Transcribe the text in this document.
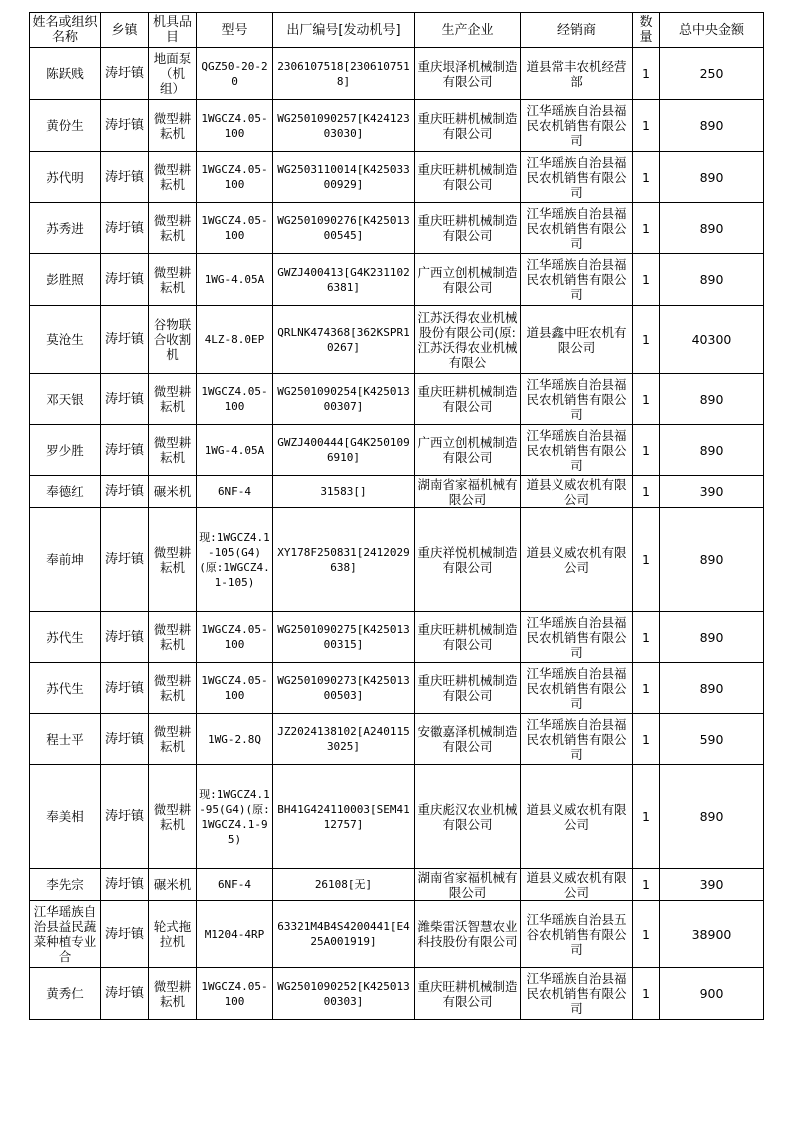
姓名或组织名称	乡镇	机具品目	型号	出厂编号[发动机号]	生产企业	经销商	数量	总中央金额
陈跃贱	涛圩镇	地面泵（机组）	QGZ50-20-20	2306107518[2306107518]	重庆垠泽机械制造有限公司	道县常丰农机经营部	1	250
黄份生	涛圩镇	微型耕耘机	1WGCZ4.05-100	WG2501090257[K42412303030]	重庆旺耕机械制造有限公司	江华瑶族自治县福民农机销售有限公司	1	890
苏代明	涛圩镇	微型耕耘机	1WGCZ4.05-100	WG2503110014[K42503300929]	重庆旺耕机械制造有限公司	江华瑶族自治县福民农机销售有限公司	1	890
苏秀进	涛圩镇	微型耕耘机	1WGCZ4.05-100	WG2501090276[K42501300545]	重庆旺耕机械制造有限公司	江华瑶族自治县福民农机销售有限公司	1	890
彭胜照	涛圩镇	微型耕耘机	1WG-4.05A	GWZJ400413[G4K2311026381]	广西立创机械制造有限公司	江华瑶族自治县福民农机销售有限公司	1	890
莫沧生	涛圩镇	谷物联合收割机	4LZ-8.0EP	QRLNK474368[362KSPR10267]	江苏沃得农业机械股份有限公司(原:江苏沃得农业机械有限公	道县鑫中旺农机有限公司	1	40300
邓天银	涛圩镇	微型耕耘机	1WGCZ4.05-100	WG2501090254[K42501300307]	重庆旺耕机械制造有限公司	江华瑶族自治县福民农机销售有限公司	1	890
罗少胜	涛圩镇	微型耕耘机	1WG-4.05A	GWZJ400444[G4K2501096910]	广西立创机械制造有限公司	江华瑶族自治县福民农机销售有限公司	1	890
奉德红	涛圩镇	碾米机	6NF-4	31583[]	湖南省家福机械有限公司	道县义威农机有限公司	1	390
奉前坤	涛圩镇	微型耕耘机	现:1WGCZ4.1-105(G4)(原:1WGCZ4.1-105)	XY178F250831[2412029638]	重庆祥悦机械制造有限公司	道县义威农机有限公司	1	890
苏代生	涛圩镇	微型耕耘机	1WGCZ4.05-100	WG2501090275[K42501300315]	重庆旺耕机械制造有限公司	江华瑶族自治县福民农机销售有限公司	1	890
苏代生	涛圩镇	微型耕耘机	1WGCZ4.05-100	WG2501090273[K42501300503]	重庆旺耕机械制造有限公司	江华瑶族自治县福民农机销售有限公司	1	890
程士平	涛圩镇	微型耕耘机	1WG-2.8Q	JZ2024138102[A2401153025]	安徽嘉泽机械制造有限公司	江华瑶族自治县福民农机销售有限公司	1	590
奉美相	涛圩镇	微型耕耘机	现:1WGCZ4.1-95(G4)(原:1WGCZ4.1-95)	BH41G424110003[SEM4112757]	重庆彪汉农业机械有限公司	道县义威农机有限公司	1	890
李先宗	涛圩镇	碾米机	6NF-4	26108[无]	湖南省家福机械有限公司	道县义威农机有限公司	1	390
江华瑶族自治县益民蔬菜种植专业合	涛圩镇	轮式拖拉机	M1204-4RP	63321M4B4S4200441[E425A001919]	潍柴雷沃智慧农业科技股份有限公司	江华瑶族自治县五谷农机销售有限公司	1	38900
黄秀仁	涛圩镇	微型耕耘机	1WGCZ4.05-100	WG2501090252[K42501300303]	重庆旺耕机械制造有限公司	江华瑶族自治县福民农机销售有限公司	1	900
